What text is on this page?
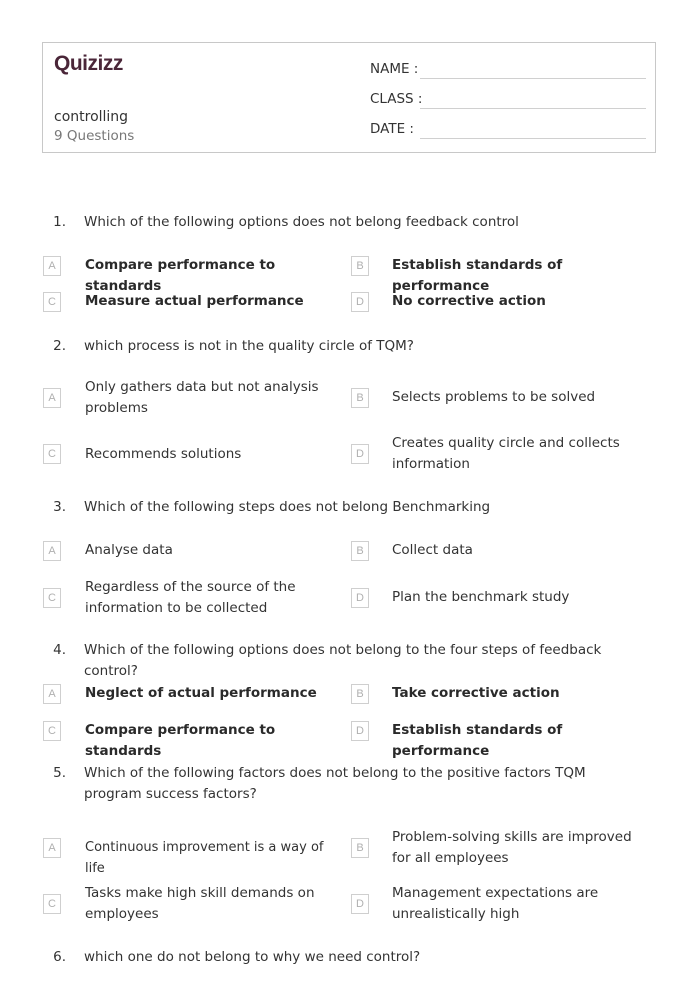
Quizizz
controlling
9 Questions
NAME :
CLASS :
DATE :
1. Which of the following options does not belong feedback control
A	Compare performance to standards
B	Establish standards of performance
C	Measure actual performance	D	No corrective action
2. which process is not in the quality circle of TQM?
A
Only gathers data but not analysis problems
B	Selects problems to be solved
C	Recommends solutions	D
Creates quality circle and collects information
3. Which of the following steps does not belong Benchmarking
A	Analyse data	B	Collect data
C
Regardless of the source of the information to be collected
D	Plan the benchmark study
4. Which of the following options does not belong to the four steps of feedback control?
A	Neglect of actual performance	B	Take corrective action
C	Compare performance to standards
D	Establish standards of performance
5. Which of the following factors does not belong to the positive factors TQM program success factors?
A	Continuous improvement is a way of life
B
Problem-solving skills are improved for all employees
C
Tasks make high skill demands on employees
D
Management expectations are unrealistically high
6. which one do not belong to why we need control?
